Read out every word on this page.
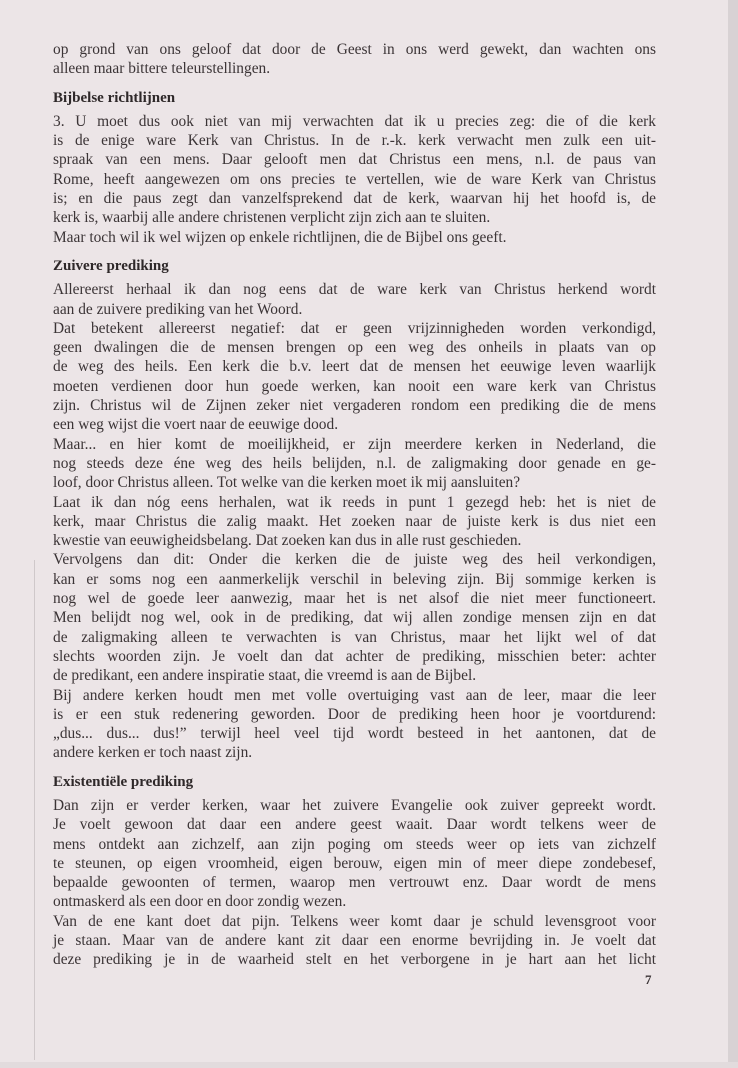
op grond van ons geloof dat door de Geest in ons werd gewekt, dan wachten ons
alleen maar bittere teleurstellingen.
Bijbelse richtlijnen
3. U moet dus ook niet van mij verwachten dat ik u precies zeg: die of die kerk
is de enige ware Kerk van Christus. In de r.-k. kerk verwacht men zulk een uit-
spraak van een mens. Daar gelooft men dat Christus een mens, n.l. de paus van
Rome, heeft aangewezen om ons precies te vertellen, wie de ware Kerk van Christus
is; en die paus zegt dan vanzelfsprekend dat de kerk, waarvan hij het hoofd is, de
kerk is, waarbij alle andere christenen verplicht zijn zich aan te sluiten.
Maar toch wil ik wel wijzen op enkele richtlijnen, die de Bijbel ons geeft.
Zuivere prediking
Allereerst herhaal ik dan nog eens dat de ware kerk van Christus herkend wordt
aan de zuivere prediking van het Woord.
Dat betekent allereerst negatief: dat er geen vrijzinnigheden worden verkondigd,
geen dwalingen die de mensen brengen op een weg des onheils in plaats van op
de weg des heils. Een kerk die b.v. leert dat de mensen het eeuwige leven waarlijk
moeten verdienen door hun goede werken, kan nooit een ware kerk van Christus
zijn. Christus wil de Zijnen zeker niet vergaderen rondom een prediking die de mens
een weg wijst die voert naar de eeuwige dood.
Maar... en hier komt de moeilijkheid, er zijn meerdere kerken in Nederland, die
nog steeds deze éne weg des heils belijden, n.l. de zaligmaking door genade en ge-
loof, door Christus alleen. Tot welke van die kerken moet ik mij aansluiten?
Laat ik dan nóg eens herhalen, wat ik reeds in punt 1 gezegd heb: het is niet de
kerk, maar Christus die zalig maakt. Het zoeken naar de juiste kerk is dus niet een
kwestie van eeuwigheidsbelang. Dat zoeken kan dus in alle rust geschieden.
Vervolgens dan dit: Onder die kerken die de juiste weg des heil verkondigen,
kan er soms nog een aanmerkelijk verschil in beleving zijn. Bij sommige kerken is
nog wel de goede leer aanwezig, maar het is net alsof die niet meer functioneert.
Men belijdt nog wel, ook in de prediking, dat wij allen zondige mensen zijn en dat
de zaligmaking alleen te verwachten is van Christus, maar het lijkt wel of dat
slechts woorden zijn. Je voelt dan dat achter de prediking, misschien beter: achter
de predikant, een andere inspiratie staat, die vreemd is aan de Bijbel.
Bij andere kerken houdt men met volle overtuiging vast aan de leer, maar die leer
is er een stuk redenering geworden. Door de prediking heen hoor je voortdurend:
„dus... dus... dus!” terwijl heel veel tijd wordt besteed in het aantonen, dat de
andere kerken er toch naast zijn.
Existentiële prediking
Dan zijn er verder kerken, waar het zuivere Evangelie ook zuiver gepreekt wordt.
Je voelt gewoon dat daar een andere geest waait. Daar wordt telkens weer de
mens ontdekt aan zichzelf, aan zijn poging om steeds weer op iets van zichzelf
te steunen, op eigen vroomheid, eigen berouw, eigen min of meer diepe zondebesef,
bepaalde gewoonten of termen, waarop men vertrouwt enz. Daar wordt de mens
ontmaskerd als een door en door zondig wezen.
Van de ene kant doet dat pijn. Telkens weer komt daar je schuld levensgroot voor
je staan. Maar van de andere kant zit daar een enorme bevrijding in. Je voelt dat
deze prediking je in de waarheid stelt en het verborgene in je hart aan het licht
7
